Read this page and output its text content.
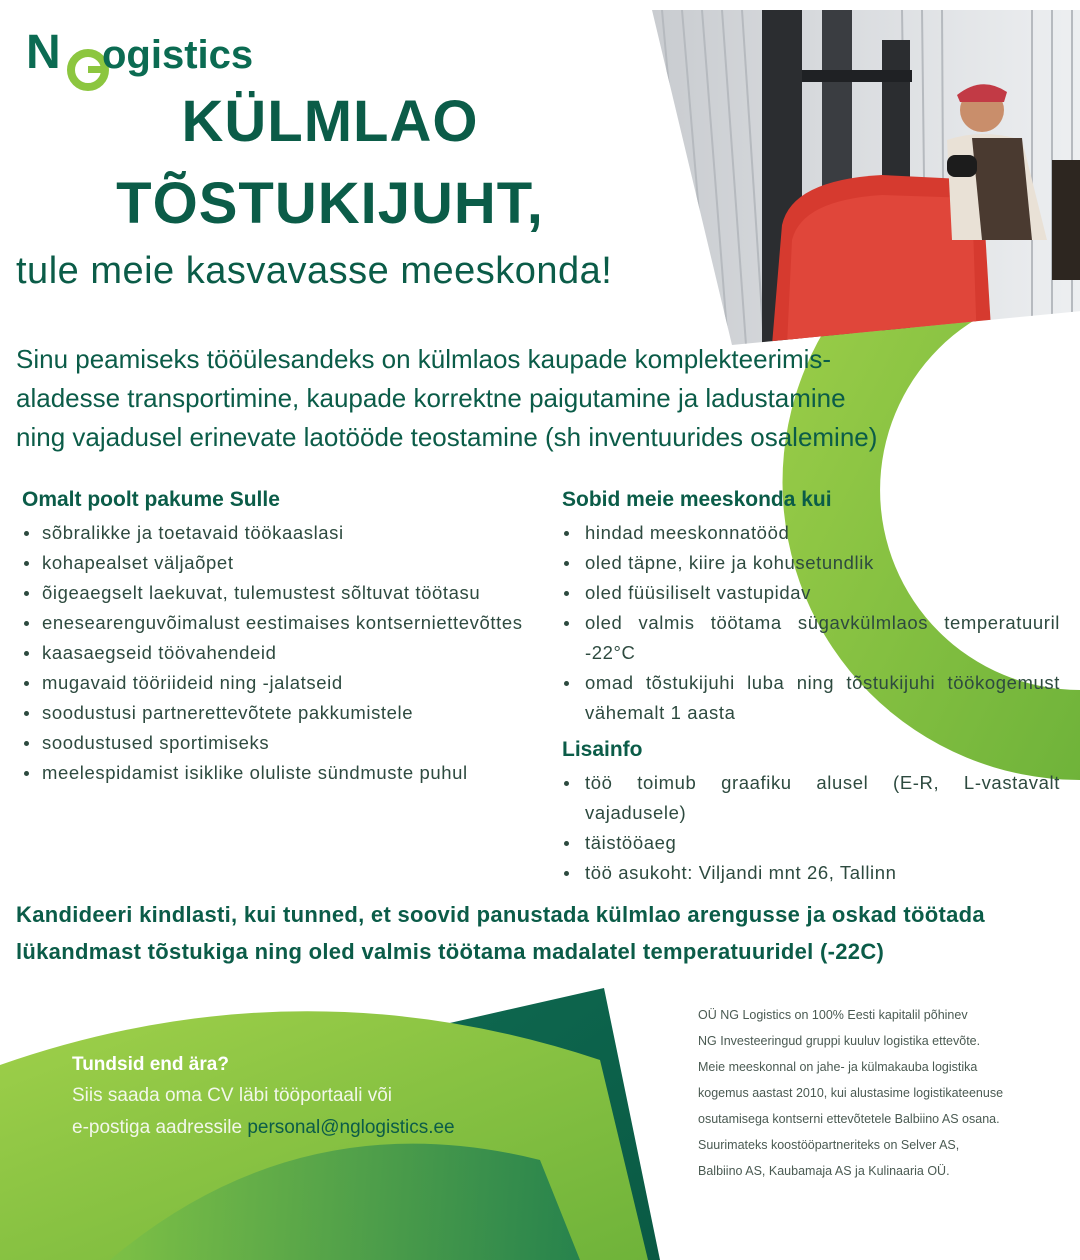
N ogistics
KÜLMLAO
TÕSTUKIJUHT,
tule meie kasvavasse meeskonda!

Sinu peamiseks tööülesandeks on külmlaos kaupade komplekteerimis-
aladesse transportimine, kaupade korrektne paigutamine ja ladustamine
ning vajadusel erinevate laotööde teostamine (sh inventuurides osalemine)

Omalt poolt pakume Sulle
sõbralikke ja toetavaid töökaaslasi
kohapealset väljaõpet
õigeaegselt laekuvat, tulemustest sõltuvat töötasu
enesearenguvõimalust eestimaises kontserniettevõttes
kaasaegseid töövahendeid
mugavaid tööriideid ning -jalatseid
soodustusi partnerettevõtete pakkumistele
soodustused sportimiseks
meelespidamist isiklike oluliste sündmuste puhul
Sobid meie meeskonda kui
hindad meeskonnatööd
oled täpne, kiire ja kohusetundlik
oled füüsiliselt vastupidav
oled valmis töötama sügavkülmlaos temperatuuril -22°C
omad tõstukijuhi luba ning tõstukijuhi töökogemust vähemalt 1 aasta
Lisainfo
töö toimub graafiku alusel (E-R, L-vastavalt vajadusele)
täistööaeg
töö asukoht: Viljandi mnt 26, Tallinn

Kandideeri kindlasti, kui tunned, et soovid panustada külmlao arengusse ja oskad töötada
lükandmast tõstukiga ning oled valmis töötama madalatel temperatuuridel (-22C)

Tundsid end ära?
Siis saada oma CV läbi tööportaali või
e-postiga aadressile personal@nglogistics.ee

OÜ NG Logistics on 100% Eesti kapitalil põhinev
NG Investeeringud gruppi kuuluv logistika ettevõte.
Meie meeskonnal on jahe- ja külmakauba logistika
kogemus aastast 2010, kui alustasime logistikateenuse
osutamisega kontserni ettevõtetele Balbiino AS osana.
Suurimateks koostööpartneriteks on Selver AS,
Balbiino AS, Kaubamaja AS ja Kulinaaria OÜ.
